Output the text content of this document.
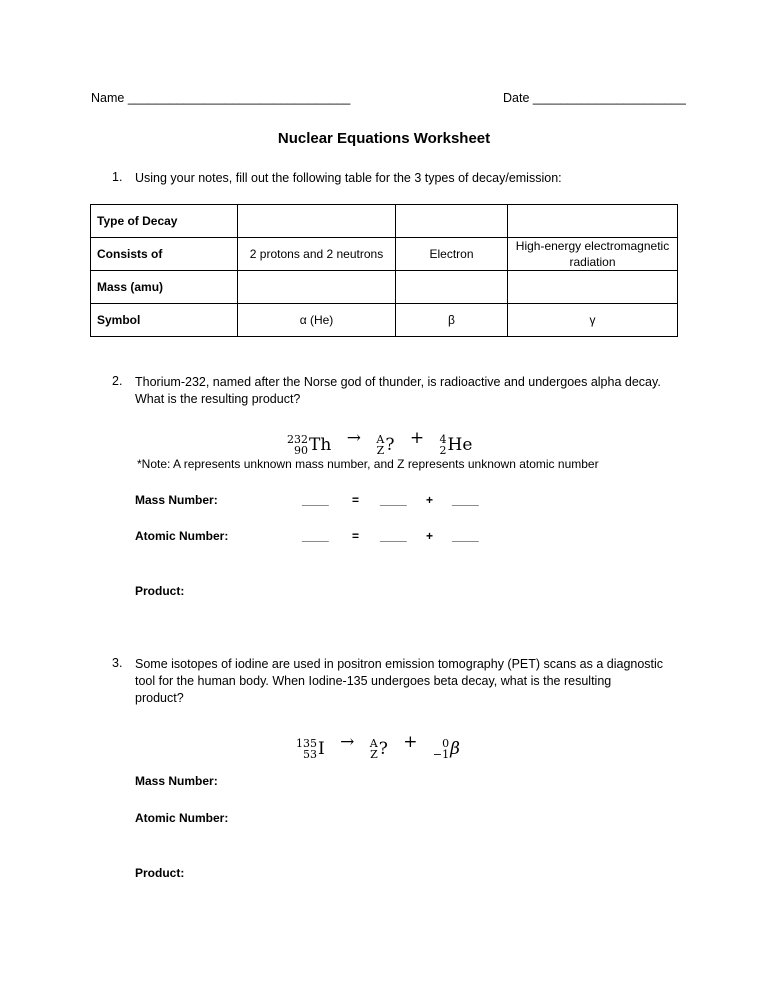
Name ________________________________	Date ______________________
Nuclear Equations Worksheet
1. Using your notes, fill out the following table for the 3 types of decay/emission:
Type of Decay			
Consists of	2 protons and 2 neutrons	Electron	High-energy electromagnetic radiation
Mass (amu)			
Symbol	α (He)	β	γ
2. Thorium-232, named after the Norse god of thunder, is radioactive and undergoes alpha decay.
What is the resulting product?
232
90 Th → A
Z ? + 4
2 He
*Note: A represents unknown mass number, and Z represents unknown atomic number
Mass Number:	____ = ____ + ____
Atomic Number:	____ = ____ + ____
Product:
3. Some isotopes of iodine are used in positron emission tomography (PET) scans as a diagnostic
tool for the human body. When Iodine-135 undergoes beta decay, what is the resulting
product?
135
53 I → A
Z ? + 0
−1 β
Mass Number:
Atomic Number:
Product:
